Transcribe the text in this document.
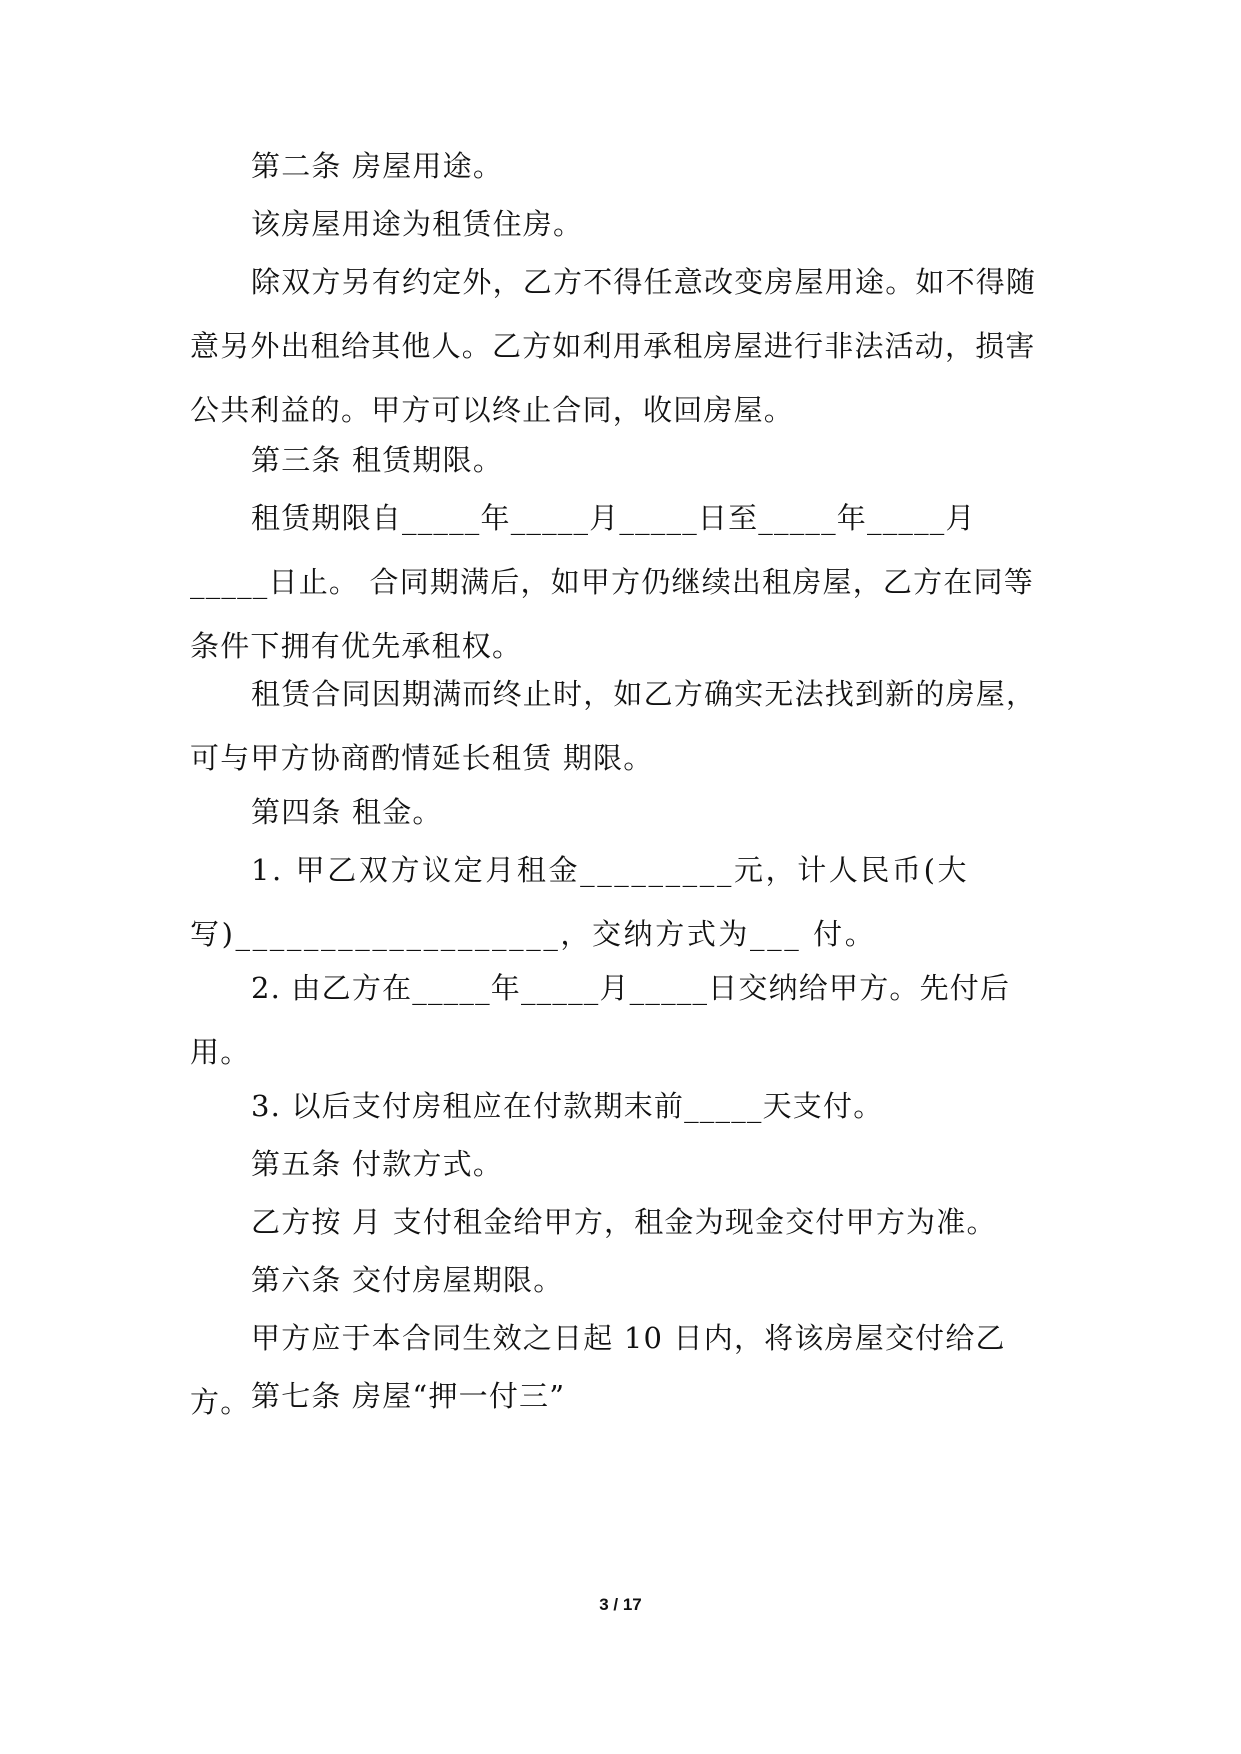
第二条 房屋用途。

该房屋用途为租赁住房。

除双方另有约定外，乙方不得任意改变房屋用途。如不得随意另外出租给其他人。乙方如利用承租房屋进行非法活动，损害公共利益的。甲方可以终止合同，收回房屋。

第三条 租赁期限。

租赁期限自_____年_____月_____日至_____年_____月_____日止。 合同期满后，如甲方仍继续出租房屋，乙方在同等条件下拥有优先承租权。

租赁合同因期满而终止时，如乙方确实无法找到新的房屋，可与甲方协商酌情延长租赁 期限。

第四条 租金。

1. 甲乙双方议定月租金_________元，计人民币(大写)___________________，交纳方式为___ 付。

2. 由乙方在_____年_____月_____日交纳给甲方。先付后用。

3. 以后支付房租应在付款期末前_____天支付。

第五条 付款方式。

乙方按 月 支付租金给甲方，租金为现金交付甲方为准。

第六条 交付房屋期限。

甲方应于本合同生效之日起 10 日内，将该房屋交付给乙方。 第七条 房屋“押一付三”

3 / 17
